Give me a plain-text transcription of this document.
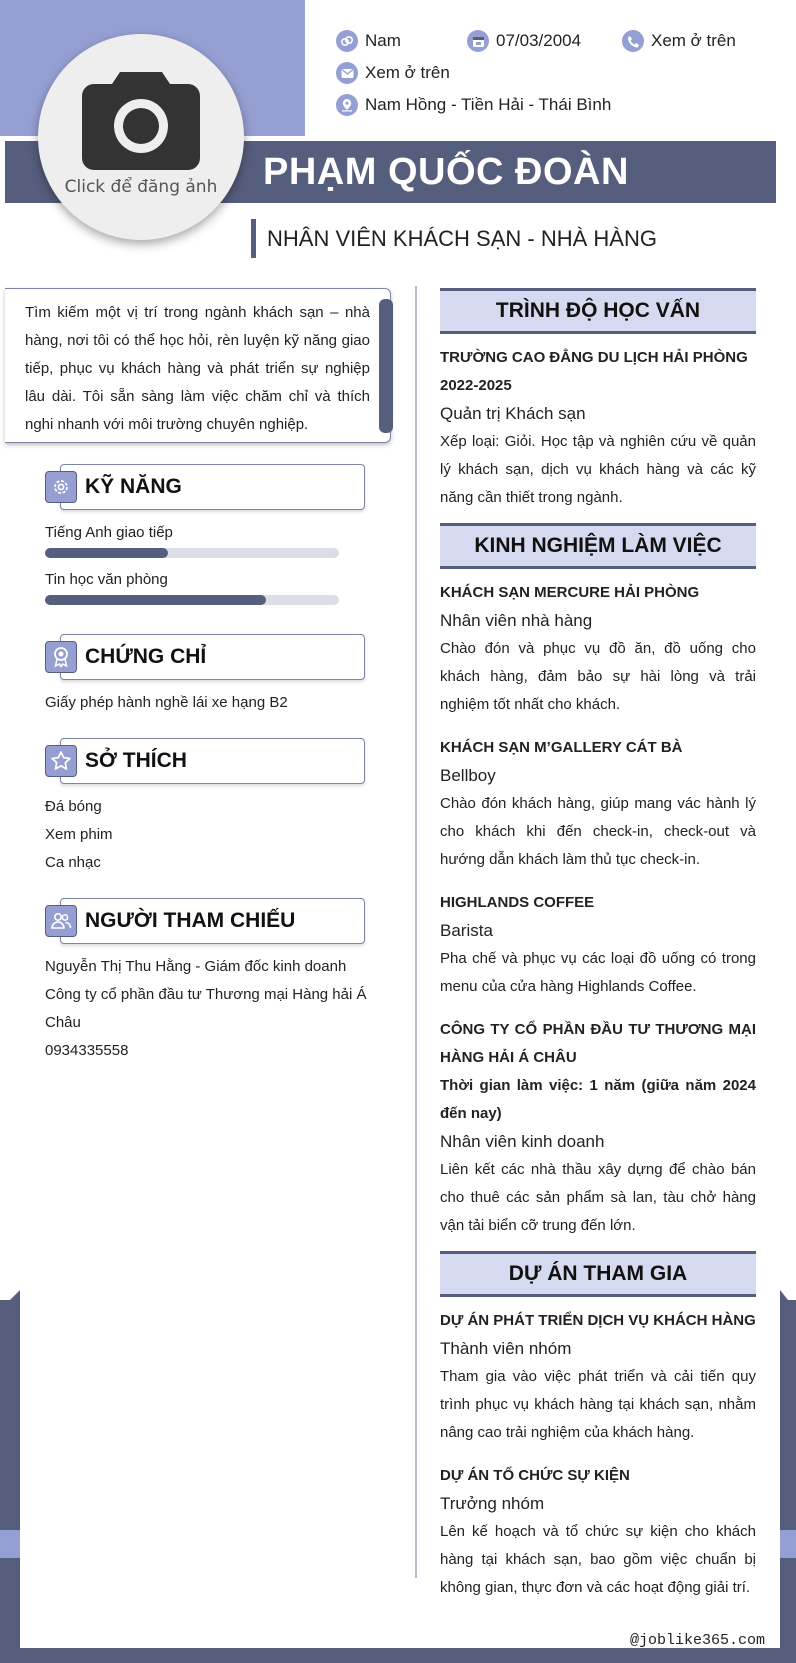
Click để đăng ảnh
Nam	07/03/2004	Xem ở trên
Xem ở trên
Nam Hồng - Tiền Hải - Thái Bình
PHẠM QUỐC ĐOÀN
NHÂN VIÊN KHÁCH SẠN - NHÀ HÀNG
Tìm kiếm một vị trí trong ngành khách sạn – nhà hàng, nơi tôi có thể học hỏi, rèn luyện kỹ năng giao tiếp, phục vụ khách hàng và phát triển sự nghiệp lâu dài. Tôi sẵn sàng làm việc chăm chỉ và thích nghi nhanh với môi trường chuyên nghiệp.
KỸ NĂNG
Tiếng Anh giao tiếp
Tin học văn phòng
CHỨNG CHỈ
Giấy phép hành nghề lái xe hạng B2
SỞ THÍCH
Đá bóng
Xem phim
Ca nhạc
NGƯỜI THAM CHIẾU
Nguyễn Thị Thu Hằng - Giám đốc kinh doanh
Công ty cổ phần đầu tư Thương mại Hàng hải Á Châu
0934335558
TRÌNH ĐỘ HỌC VẤN
TRƯỜNG CAO ĐẲNG DU LỊCH HẢI PHÒNG
2022-2025
Quản trị Khách sạn
Xếp loại: Giỏi. Học tập và nghiên cứu về quản lý khách sạn, dịch vụ khách hàng và các kỹ năng cần thiết trong ngành.
KINH NGHIỆM LÀM VIỆC
KHÁCH SẠN MERCURE HẢI PHÒNG
Nhân viên nhà hàng
Chào đón và phục vụ đồ ăn, đồ uống cho khách hàng, đảm bảo sự hài lòng và trải nghiệm tốt nhất cho khách.
KHÁCH SẠN M’GALLERY CÁT BÀ
Bellboy
Chào đón khách hàng, giúp mang vác hành lý cho khách khi đến check-in, check-out và hướng dẫn khách làm thủ tục check-in.
HIGHLANDS COFFEE
Barista
Pha chế và phục vụ các loại đồ uống có trong menu của cửa hàng Highlands Coffee.
CÔNG TY CỔ PHẦN ĐẦU TƯ THƯƠNG MẠI HÀNG HẢI Á CHÂU
Thời gian làm việc: 1 năm (giữa năm 2024 đến nay)
Nhân viên kinh doanh
Liên kết các nhà thầu xây dựng để chào bán cho thuê các sản phẩm sà lan, tàu chở hàng vận tải biển cỡ trung đến lớn.
DỰ ÁN THAM GIA
DỰ ÁN PHÁT TRIỂN DỊCH VỤ KHÁCH HÀNG
Thành viên nhóm
Tham gia vào việc phát triển và cải tiến quy trình phục vụ khách hàng tại khách sạn, nhằm nâng cao trải nghiệm của khách hàng.
DỰ ÁN TỔ CHỨC SỰ KIỆN
Trưởng nhóm
Lên kế hoạch và tổ chức sự kiện cho khách hàng tại khách sạn, bao gồm việc chuẩn bị không gian, thực đơn và các hoạt động giải trí.
@joblike365.com
